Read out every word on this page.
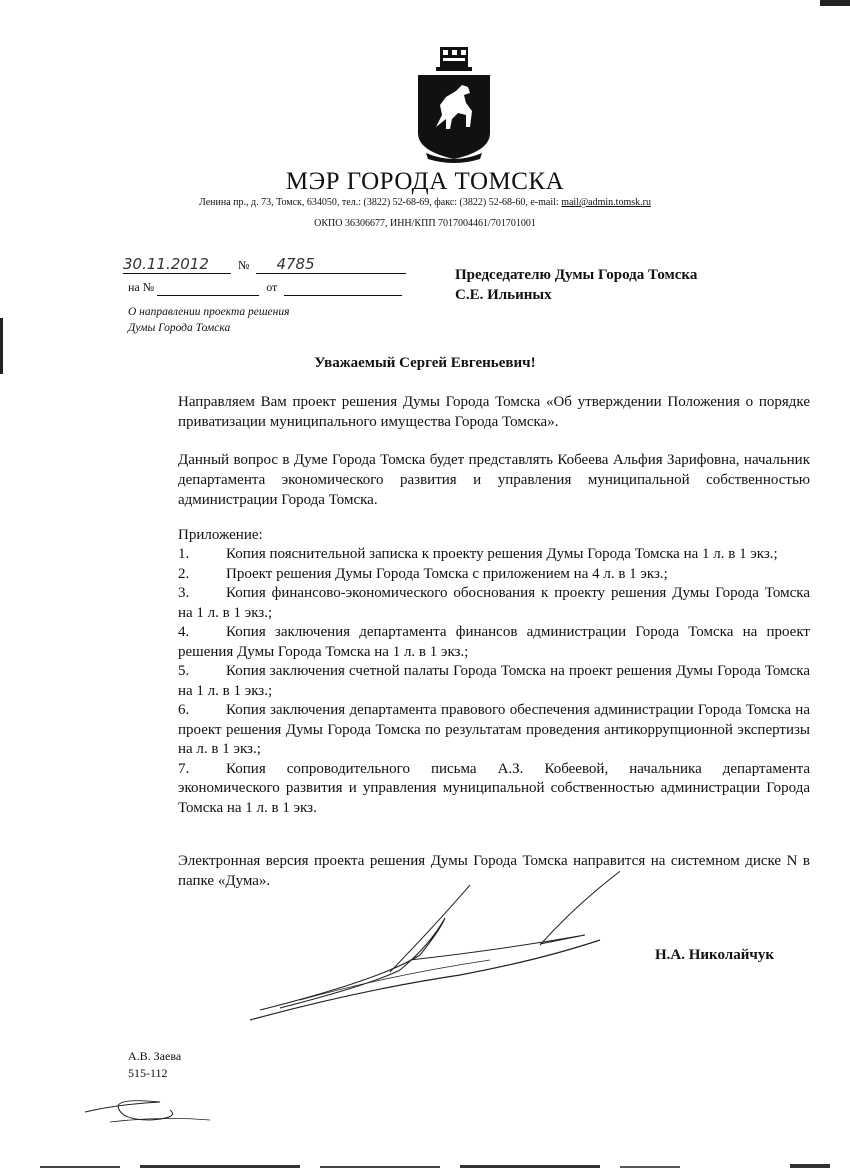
МЭР ГОРОДА ТОМСКА
Ленина пр., д. 73, Томск, 634050, тел.: (3822) 52-68-69, факс: (3822) 52-68-60, e-mail: mail@admin.tomsk.ru
ОКПО 36306677, ИНН/КПП 7017004461/701701001
30.11.2012 № 4785
на №	от
Председателю Думы Города Томска
С.Е. Ильиных
О направлении проекта решения
Думы Города Томска
Уважаемый Сергей Евгеньевич!
Направляем Вам проект решения Думы Города Томска «Об утверждении Положения о порядке приватизации муниципального имущества Города Томска».
Данный вопрос в Думе Города Томска будет представлять Кобеева Альфия Зарифовна, начальник департамента экономического развития и управления муниципальной собственностью администрации Города Томска.
Приложение:
1. Копия пояснительной записка к проекту решения Думы Города Томска на 1 л. в 1 экз.;
2. Проект решения Думы Города Томска с приложением на 4 л. в 1 экз.;
3. Копия финансово-экономического обоснования к проекту решения Думы Города Томска на 1 л. в 1 экз.;
4. Копия заключения департамента финансов администрации Города Томска на проект решения Думы Города Томска на 1 л. в 1 экз.;
5. Копия заключения счетной палаты Города Томска на проект решения Думы Города Томска на 1 л. в 1 экз.;
6. Копия заключения департамента правового обеспечения администрации Города Томска на проект решения Думы Города Томска по результатам проведения антикоррупционной экспертизы на л. в 1 экз.;
7. Копия сопроводительного письма А.З. Кобеевой, начальника департамента экономического развития и управления муниципальной собственностью администрации Города Томска на 1 л. в 1 экз.
Электронная версия проекта решения Думы Города Томска направится на системном диске N в папке «Дума».
Н.А. Николайчук
А.В. Заева
515-112
